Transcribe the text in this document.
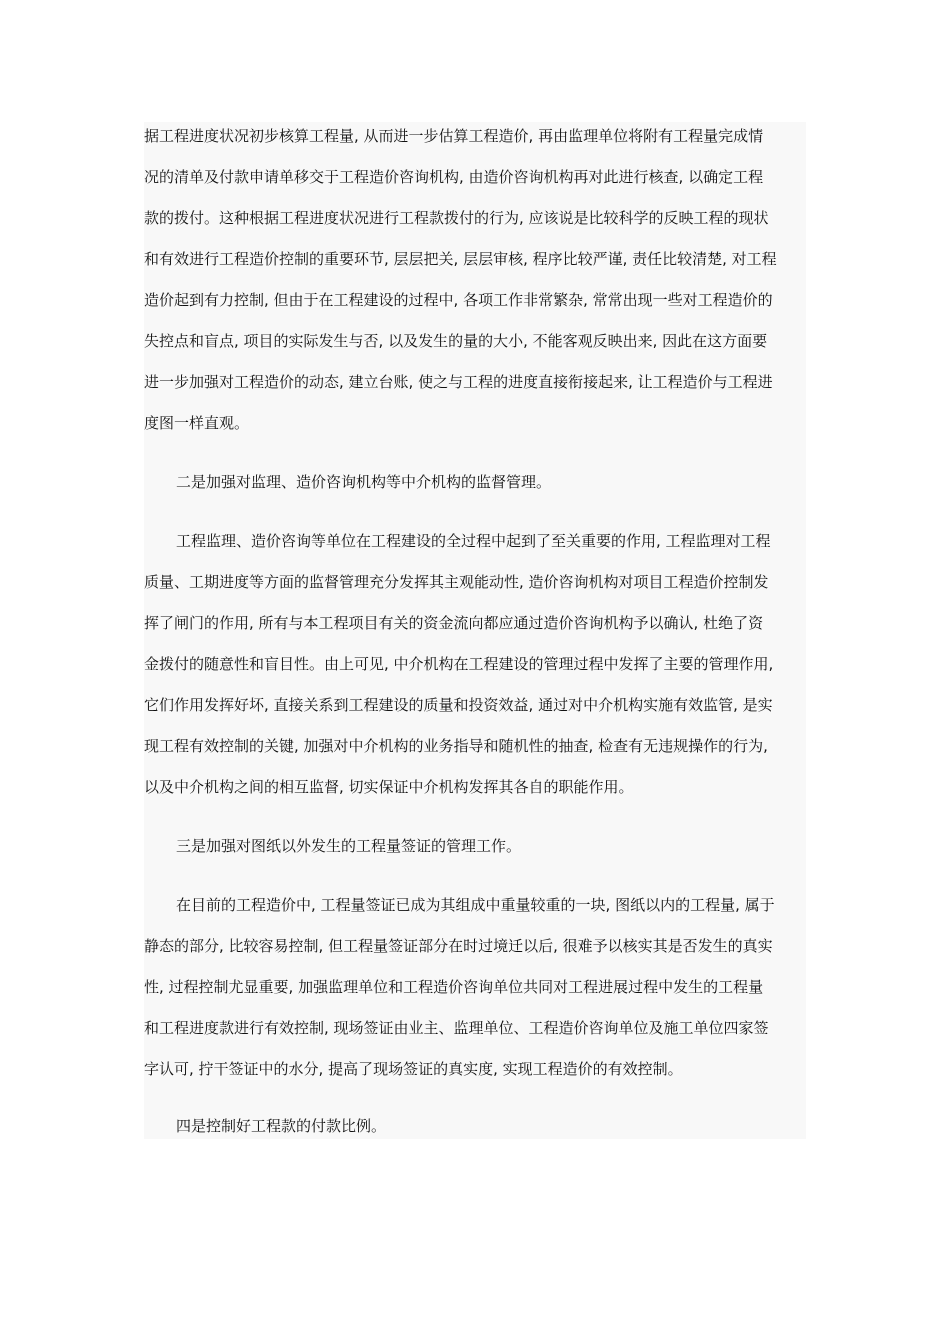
据工程进度状况初步核算工程量, 从而进一步估算工程造价, 再由监理单位将附有工程量完成情
况的清单及付款申请单移交于工程造价咨询机构, 由造价咨询机构再对此进行核查, 以确定工程
款的拨付。这种根据工程进度状况进行工程款拨付的行为, 应该说是比较科学的反映工程的现状
和有效进行工程造价控制的重要环节, 层层把关, 层层审核, 程序比较严谨, 责任比较清楚, 对工程
造价起到有力控制, 但由于在工程建设的过程中, 各项工作非常繁杂, 常常出现一些对工程造价的
失控点和盲点, 项目的实际发生与否, 以及发生的量的大小, 不能客观反映出来, 因此在这方面要
进一步加强对工程造价的动态, 建立台账, 使之与工程的进度直接衔接起来, 让工程造价与工程进
度图一样直观。
二是加强对监理、造价咨询机构等中介机构的监督管理。
工程监理、造价咨询等单位在工程建设的全过程中起到了至关重要的作用, 工程监理对工程
质量、工期进度等方面的监督管理充分发挥其主观能动性, 造价咨询机构对项目工程造价控制发
挥了闸门的作用, 所有与本工程项目有关的资金流向都应通过造价咨询机构予以确认, 杜绝了资
金拨付的随意性和盲目性。由上可见, 中介机构在工程建设的管理过程中发挥了主要的管理作用,
它们作用发挥好坏, 直接关系到工程建设的质量和投资效益, 通过对中介机构实施有效监管, 是实
现工程有效控制的关键, 加强对中介机构的业务指导和随机性的抽查, 检查有无违规操作的行为,
以及中介机构之间的相互监督, 切实保证中介机构发挥其各自的职能作用。
三是加强对图纸以外发生的工程量签证的管理工作。
在目前的工程造价中, 工程量签证已成为其组成中重量较重的一块, 图纸以内的工程量, 属于
静态的部分, 比较容易控制, 但工程量签证部分在时过境迁以后, 很难予以核实其是否发生的真实
性, 过程控制尤显重要, 加强监理单位和工程造价咨询单位共同对工程进展过程中发生的工程量
和工程进度款进行有效控制, 现场签证由业主、监理单位、工程造价咨询单位及施工单位四家签
字认可, 拧干签证中的水分, 提高了现场签证的真实度, 实现工程造价的有效控制。
四是控制好工程款的付款比例。
